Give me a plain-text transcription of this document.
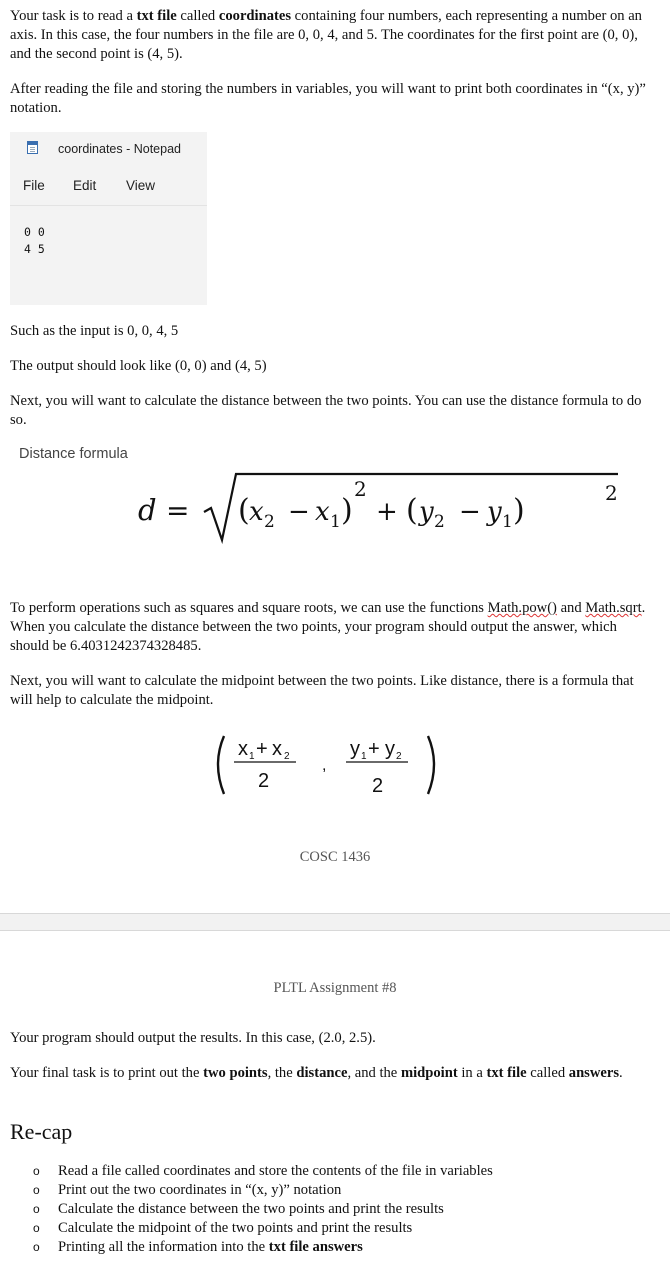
Your task is to read a txt file called coordinates containing four numbers, each representing a number on an axis. In this case, the four numbers in the file are 0, 0, 4, and 5. The coordinates for the first point are (0, 0), and the second point is (4, 5).

After reading the file and storing the numbers in variables, you will want to print both coordinates in “(x, y)” notation.

coordinates - Notepad
File Edit View
0 0
4 5

Such as the input is 0, 0, 4, 5

The output should look like (0, 0) and (4, 5)

Next, you will want to calculate the distance between the two points. You can use the distance formula to do so.

Distance formula
d = ( x 2 − x 1 )
2
+ ( y 2 − y 1 )	2

To perform operations such as squares and square roots, we can use the functions Math.pow() and Math.sqrt. When you calculate the distance between the two points, your program should output the answer, which should be 6.4031242374328485.

Next, you will want to calculate the midpoint between the two points. Like distance, there is a formula that will help to calculate the midpoint.

x 1 + x 2
2
,
y 1 + y 2
2
COSC 1436
PLTL Assignment #8

Your program should output the results. In this case, (2.0, 2.5).

Your final task is to print out the two points, the distance, and the midpoint in a txt file called answers.

Re-cap
o Read a file called coordinates and store the contents of the file in variables
o Print out the two coordinates in “(x, y)” notation
o Calculate the distance between the two points and print the results
o Calculate the midpoint of the two points and print the results
o Printing all the information into the txt file answers
